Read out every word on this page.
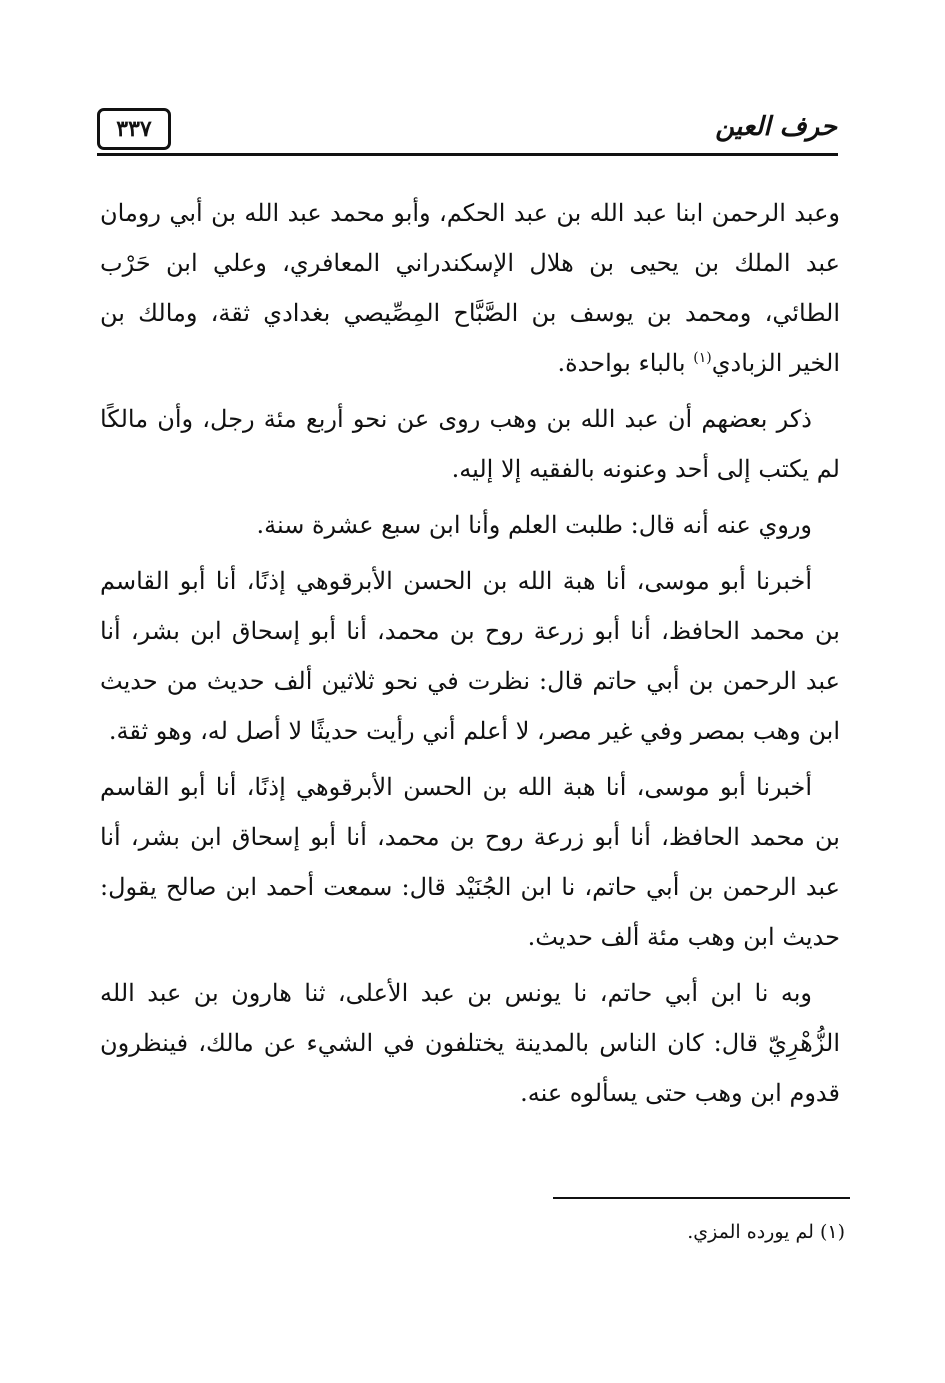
٣٣٧	حرف العين

وعبد الرحمن ابنا عبد الله بن عبد الحكم، وأبو محمد عبد الله بن أبي رومان عبد الملك بن يحيى بن هلال الإسكندراني المعافري، وعلي ابن حَرْب الطائي، ومحمد بن يوسف بن الصَّبَّاح المِصِّيصي بغدادي ثقة، ومالك بن الخير الزبادي$^{(١)}$ بالباء بواحدة.

ذكر بعضهم أن عبد الله بن وهب روى عن نحو أربع مئة رجل، وأن مالكًا لم يكتب إلى أحد وعنونه بالفقيه إلا إليه.

وروي عنه أنه قال: طلبت العلم وأنا ابن سبع عشرة سنة.

أخبرنا أبو موسى، أنا هبة الله بن الحسن الأبرقوهي إذنًا، أنا أبو القاسم بن محمد الحافظ، أنا أبو زرعة روح بن محمد، أنا أبو إسحاق ابن بشر، أنا عبد الرحمن بن أبي حاتم قال: نظرت في نحو ثلاثين ألف حديث من حديث ابن وهب بمصر وفي غير مصر، لا أعلم أني رأيت حديثًا لا أصل له، وهو ثقة.

أخبرنا أبو موسى، أنا هبة الله بن الحسن الأبرقوهي إذنًا، أنا أبو القاسم بن محمد الحافظ، أنا أبو زرعة روح بن محمد، أنا أبو إسحاق ابن بشر، أنا عبد الرحمن بن أبي حاتم، نا ابن الجُنَيْد قال: سمعت أحمد ابن صالح يقول: حديث ابن وهب مئة ألف حديث.

وبه نا ابن أبي حاتم، نا يونس بن عبد الأعلى، ثنا هارون بن عبد الله الزُّهْرِيّ قال: كان الناس بالمدينة يختلفون في الشيء عن مالك، فينظرون قدوم ابن وهب حتى يسألوه عنه.

(١) لم يورده المزي.
